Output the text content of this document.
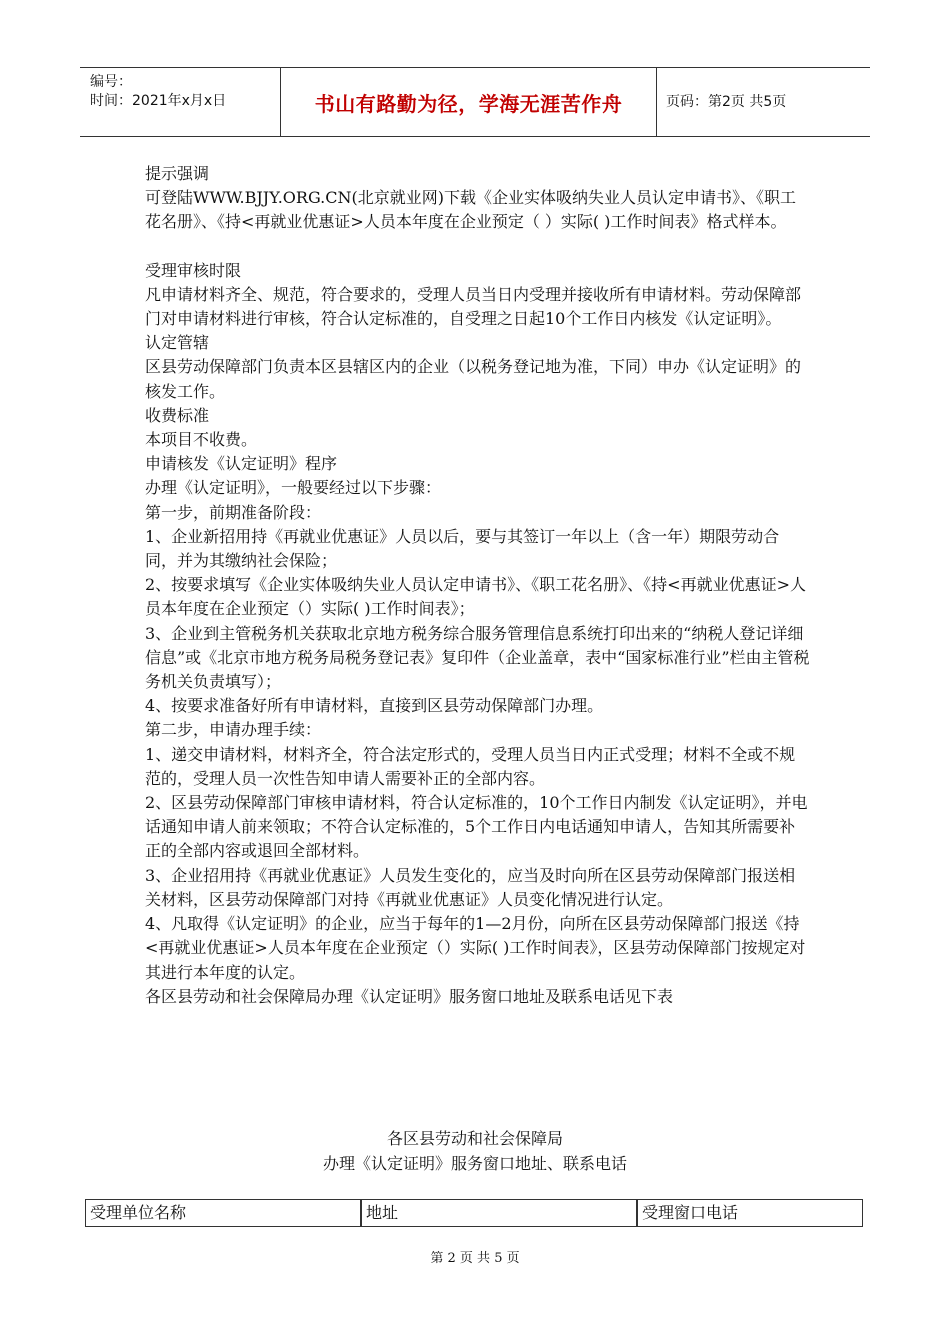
编号：
时间：2021年x月x日	书山有路勤为径，学海无涯苦作舟	页码：第2页 共5页

提示强调

可登陆WWW.BJJY.ORG.CN(北京就业网)下载《企业实体吸纳失业人员认定申请书》、《职工花名册》、《持<再就业优惠证>人员本年度在企业预定（ ）实际( )工作时间表》格式样本。

受理审核时限

凡申请材料齐全、规范，符合要求的，受理人员当日内受理并接收所有申请材料。劳动保障部门对申请材料进行审核，符合认定标准的，自受理之日起10个工作日内核发《认定证明》。

认定管辖

区县劳动保障部门负责本区县辖区内的企业（以税务登记地为准，下同）申办《认定证明》的核发工作。

收费标准

本项目不收费。

申请核发《认定证明》程序

办理《认定证明》，一般要经过以下步骤：

第一步，前期准备阶段：

1、企业新招用持《再就业优惠证》人员以后，要与其签订一年以上（含一年）期限劳动合同，并为其缴纳社会保险；

2、按要求填写《企业实体吸纳失业人员认定申请书》、《职工花名册》、《持<再就业优惠证>人员本年度在企业预定（）实际( )工作时间表》；

3、企业到主管税务机关获取北京地方税务综合服务管理信息系统打印出来的“纳税人登记详细信息”或《北京市地方税务局税务登记表》复印件（企业盖章，表中“国家标准行业”栏由主管税务机关负责填写）；

4、按要求准备好所有申请材料，直接到区县劳动保障部门办理。

第二步，申请办理手续：

1、递交申请材料，材料齐全，符合法定形式的，受理人员当日内正式受理；材料不全或不规范的，受理人员一次性告知申请人需要补正的全部内容。

2、区县劳动保障部门审核申请材料，符合认定标准的，10个工作日内制发《认定证明》，并电话通知申请人前来领取；不符合认定标准的，5个工作日内电话通知申请人，告知其所需要补正的全部内容或退回全部材料。

3、企业招用持《再就业优惠证》人员发生变化的，应当及时向所在区县劳动保障部门报送相关材料，区县劳动保障部门对持《再就业优惠证》人员变化情况进行认定。

4、凡取得《认定证明》的企业，应当于每年的1—2月份，向所在区县劳动保障部门报送《持<再就业优惠证>人员本年度在企业预定（）实际( )工作时间表》，区县劳动保障部门按规定对其进行本年度的认定。

各区县劳动和社会保障局办理《认定证明》服务窗口地址及联系电话见下表

各区县劳动和社会保障局
办理《认定证明》服务窗口地址、联系电话
受理单位名称	地址	受理窗口电话
第 2 页 共 5 页
